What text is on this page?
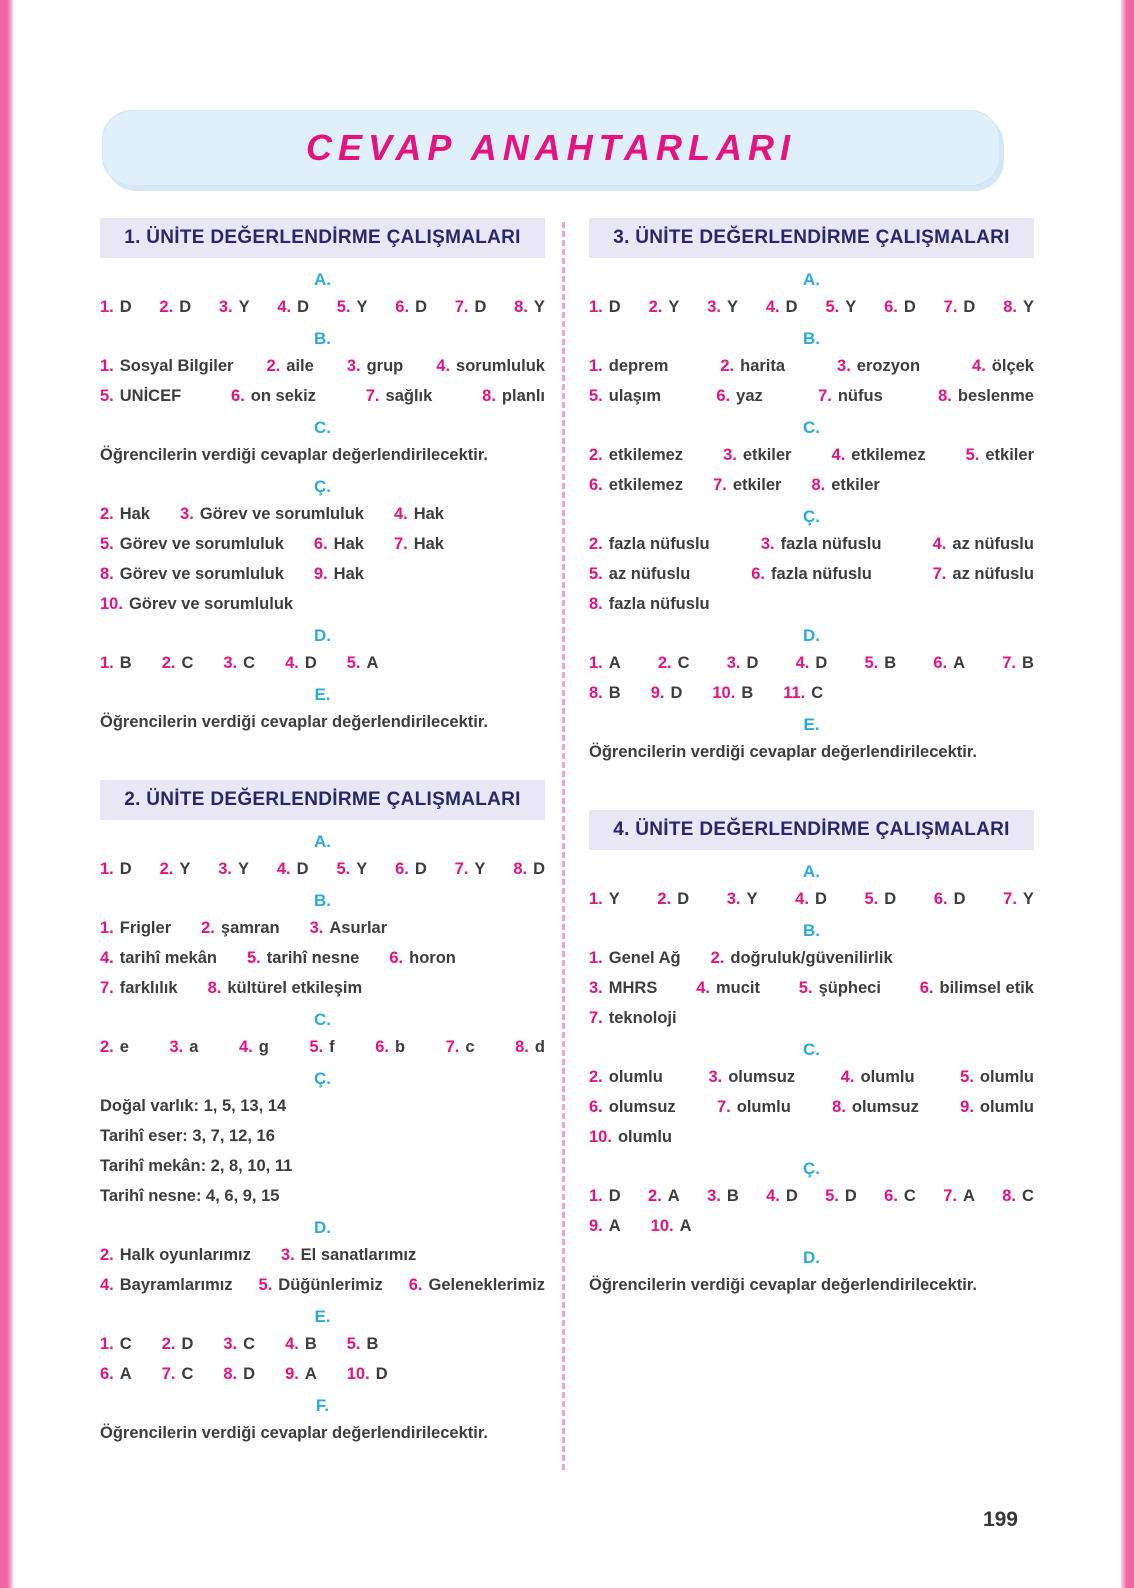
CEVAP ANAHTARLARI
1. ÜNİTE DEĞERLENDİRME ÇALIŞMALARI
A.
1. D 2. D 3. Y 4. D 5. Y 6. D 7. D 8. Y
B.
1. Sosyal Bilgiler 2. aile 3. grup 4. sorumluluk
5. UNİCEF	6. on sekiz	7. sağlık	8. planlı
C.
Öğrencilerin verdiği cevaplar değerlendirilecektir.
Ç.
2. Hak 3. Görev ve sorumluluk 4. Hak
5. Görev ve sorumluluk 6. Hak 7. Hak
8. Görev ve sorumluluk 9. Hak
10. Görev ve sorumluluk
D.
1. B 2. C 3. C 4. D 5. A
E.
Öğrencilerin verdiği cevaplar değerlendirilecektir.
2. ÜNİTE DEĞERLENDİRME ÇALIŞMALARI
A.
1. D 2. Y 3. Y 4. D 5. Y 6. D 7. Y 8. D
B.
1. Frigler 2. şamran 3. Asurlar
4. tarihî mekân 5. tarihî nesne 6. horon
7. farklılık 8. kültürel etkileşim
C.
2. e 3. a 4. g 5. f 6. b 7. c 8. d
Ç.
Doğal varlık: 1, 5, 13, 14
Tarihî eser: 3, 7, 12, 16
Tarihî mekân: 2, 8, 10, 11
Tarihî nesne: 4, 6, 9, 15
D.
2. Halk oyunlarımız 3. El sanatlarımız
4. Bayramlarımız 5. Düğünlerimiz 6. Geleneklerimiz
E.
1. C 2. D 3. C 4. B 5. B
6. A 7. C 8. D 9. A 10. D
F.
Öğrencilerin verdiği cevaplar değerlendirilecektir.
3. ÜNİTE DEĞERLENDİRME ÇALIŞMALARI
A.
1. D 2. Y 3. Y 4. D 5. Y 6. D 7. D 8. Y
B.
1. deprem	2. harita	3. erozyon	4. ölçek
5. ulaşım	6. yaz	7. nüfus	8. beslenme
C.
2. etkilemez 3. etkiler 4. etkilemez 5. etkiler
6. etkilemez 7. etkiler 8. etkiler
Ç.
2. fazla nüfuslu	3. fazla nüfuslu	4. az nüfuslu
5. az nüfuslu	6. fazla nüfuslu	7. az nüfuslu
8. fazla nüfuslu
D.
1. A 2. C 3. D 4. D 5. B 6. A 7. B
8. B 9. D 10. B 11. C
E.
Öğrencilerin verdiği cevaplar değerlendirilecektir.
4. ÜNİTE DEĞERLENDİRME ÇALIŞMALARI
A.
1. Y 2. D 3. Y 4. D 5. D 6. D 7. Y
B.
1. Genel Ağ 2. doğruluk/güvenilirlik
3. MHRS 4. mucit 5. şüpheci 6. bilimsel etik
7. teknoloji
C.
2. olumlu	3. olumsuz	4. olumlu	5. olumlu
6. olumsuz	7. olumlu	8. olumsuz	9. olumlu
10. olumlu
Ç.
1. D 2. A 3. B 4. D 5. D 6. C 7. A 8. C
9. A 10. A
D.
Öğrencilerin verdiği cevaplar değerlendirilecektir.
199
